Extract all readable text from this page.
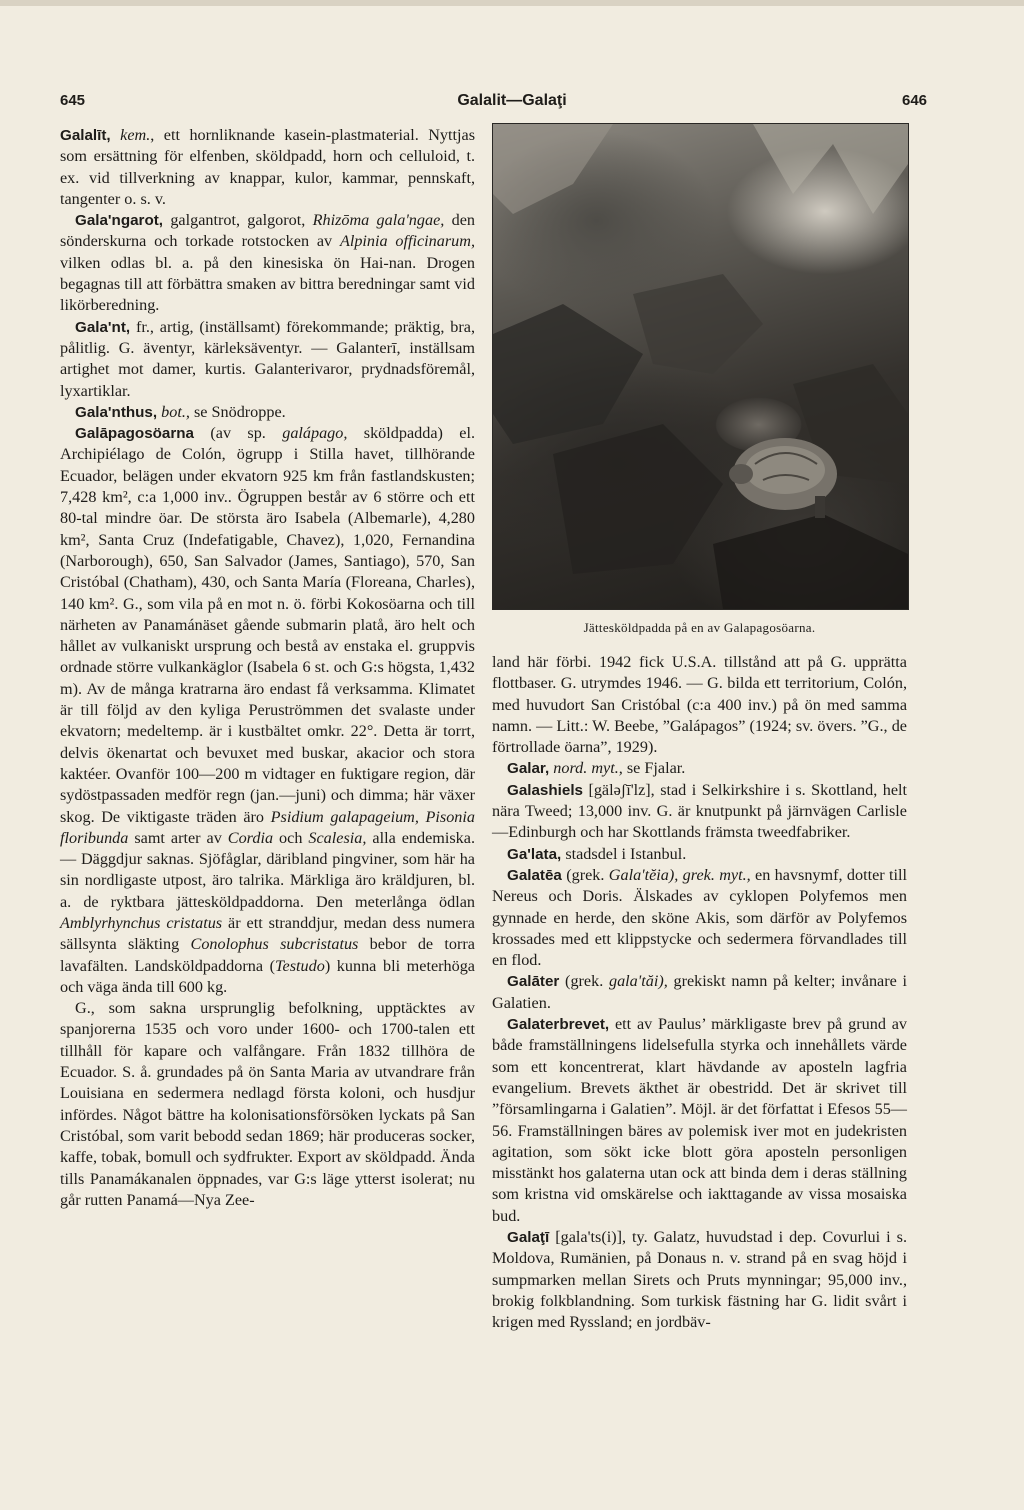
645	Galalit—Galaţi	646

Galalīt, kem., ett hornliknande kasein-plastmaterial. Nyttjas som ersättning för elfenben, sköldpadd, horn och celluloid, t. ex. vid tillverkning av knappar, kulor, kammar, pennskaft, tangenter o. s. v.

Gala'ngarot, galgantrot, galgorot, Rhizōma gala'ngae, den sönderskurna och torkade rotstocken av Alpinia officinarum, vilken odlas bl. a. på den kinesiska ön Hai-nan. Drogen begagnas till att förbättra smaken av bittra beredningar samt vid likörberedning.

Gala'nt, fr., artig, (inställsamt) förekommande; präktig, bra, pålitlig. G. äventyr, kärleksäventyr. — Galanterī, inställsam artighet mot damer, kurtis. Galanterivaror, prydnadsföremål, lyxartiklar.

Gala'nthus, bot., se Snödroppe.

Galāpagosöarna (av sp. galápago, sköldpadda) el. Archipiélago de Colón, ögrupp i Stilla havet, tillhörande Ecuador, belägen under ekvatorn 925 km från fastlandskusten; 7,428 km², c:a 1,000 inv.. Ögruppen består av 6 större och ett 80-tal mindre öar. De största äro Isabela (Albemarle), 4,280 km², Santa Cruz (Indefatigable, Chavez), 1,020, Fernandina (Narborough), 650, San Salvador (James, Santiago), 570, San Cristóbal (Chatham), 430, och Santa María (Floreana, Charles), 140 km². G., som vila på en mot n. ö. förbi Kokosöarna och till närheten av Panamánäset gående submarin platå, äro helt och hållet av vulkaniskt ursprung och bestå av enstaka el. gruppvis ordnade större vulkankäglor (Isabela 6 st. och G:s högsta, 1,432 m). Av de många kratrarna äro endast få verksamma. Klimatet är till följd av den kyliga Peruströmmen det svalaste under ekvatorn; medeltemp. är i kustbältet omkr. 22°. Detta är torrt, delvis ökenartat och bevuxet med buskar, akacior och stora kaktéer. Ovanför 100—200 m vidtager en fuktigare region, där sydöstpassaden medför regn (jan.—juni) och dimma; här växer skog. De viktigaste träden äro Psidium galapageium, Pisonia floribunda samt arter av Cordia och Scalesia, alla endemiska. — Däggdjur saknas. Sjöfåglar, däribland pingviner, som här ha sin nordligaste utpost, äro talrika. Märkliga äro kräldjuren, bl. a. de ryktbara jättesköldpaddorna. Den meterlånga ödlan Amblyrhynchus cristatus är ett stranddjur, medan dess numera sällsynta släkting Conolophus subcristatus bebor de torra lavafälten. Landsköldpaddorna (Testudo) kunna bli meterhöga och väga ända till 600 kg.

G., som sakna ursprunglig befolkning, upptäcktes av spanjorerna 1535 och voro under 1600- och 1700-talen ett tillhåll för kapare och valfångare. Från 1832 tillhöra de Ecuador. S. å. grundades på ön Santa Maria av utvandrare från Louisiana en sedermera nedlagd första koloni, och husdjur infördes. Något bättre ha kolonisationsförsöken lyckats på San Cristóbal, som varit bebodd sedan 1869; här produceras socker, kaffe, tobak, bomull och sydfrukter. Export av sköldpadd. Ända tills Panamákanalen öppnades, var G:s läge ytterst isolerat; nu går rutten Panamá—Nya Zee-

Jättesköldpadda på en av Galapagosöarna.

land här förbi. 1942 fick U.S.A. tillstånd att på G. upprätta flottbaser. G. utrymdes 1946. — G. bilda ett territorium, Colón, med huvudort San Cristóbal (c:a 400 inv.) på ön med samma namn. — Litt.: W. Beebe, ”Galápagos” (1924; sv. övers. ”G., de förtrollade öarna”, 1929).

Galar, nord. myt., se Fjalar.

Galashiels [gäləʃī'lz], stad i Selkirkshire i s. Skottland, helt nära Tweed; 13,000 inv. G. är knutpunkt på järnvägen Carlisle—Edinburgh och har Skottlands främsta tweedfabriker.

Ga'lata, stadsdel i Istanbul.

Galatēa (grek. Gala'tĕia), grek. myt., en havsnymf, dotter till Nereus och Doris. Älskades av cyklopen Polyfemos men gynnade en herde, den sköne Akis, som därför av Polyfemos krossades med ett klippstycke och sedermera förvandlades till en flod.

Galāter (grek. gala'tăi), grekiskt namn på kelter; invånare i Galatien.

Galaterbrevet, ett av Paulus’ märkligaste brev på grund av både framställningens lidelsefulla styrka och innehållets värde som ett koncentrerat, klart hävdande av aposteln lagfria evangelium. Brevets äkthet är obestridd. Det är skrivet till ”församlingarna i Galatien”. Möjl. är det författat i Efesos 55—56. Framställningen bäres av polemisk iver mot en judekristen agitation, som sökt icke blott göra aposteln personligen misstänkt hos galaterna utan ock att binda dem i deras ställning som kristna vid omskärelse och iakttagande av vissa mosaiska bud.

Galaţī [gala'ts(i)], ty. Galatz, huvudstad i dep. Covurlui i s. Moldova, Rumänien, på Donaus n. v. strand på en svag höjd i sumpmarken mellan Sirets och Pruts mynningar; 95,000 inv., brokig folkblandning. Som turkisk fästning har G. lidit svårt i krigen med Ryssland; en jordbäv-
